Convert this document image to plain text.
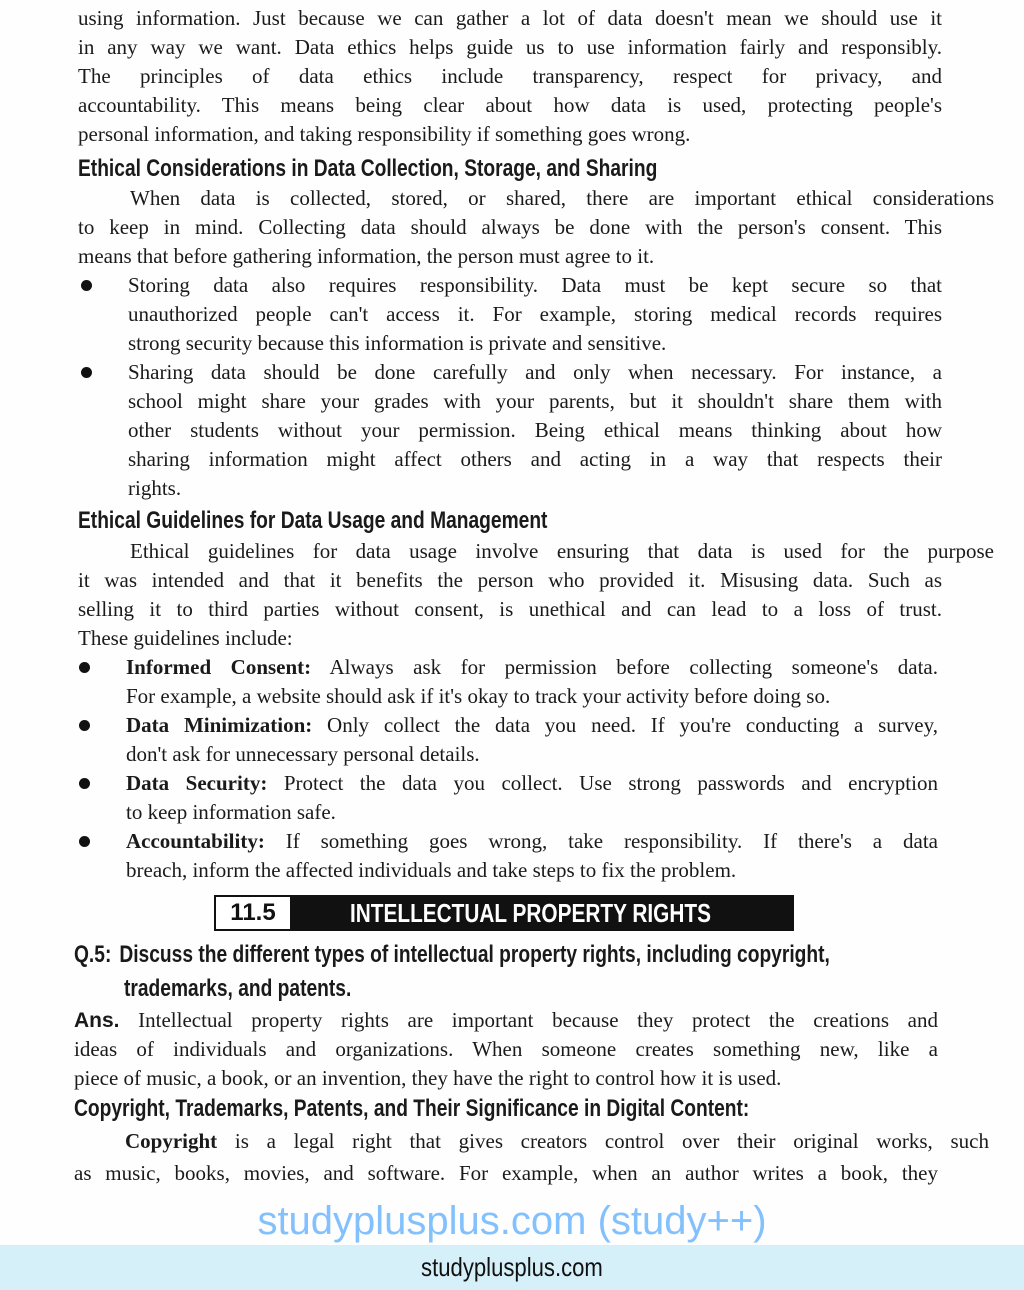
using information. Just because we can gather a lot of data doesn't mean we should use it
in any way we want. Data ethics helps guide us to use information fairly and responsibly.
The principles of data ethics include transparency, respect for privacy, and
accountability. This means being clear about how data is used, protecting people's
personal information, and taking responsibility if something goes wrong.
Ethical Considerations in Data Collection, Storage, and Sharing
When data is collected, stored, or shared, there are important ethical considerations
to keep in mind. Collecting data should always be done with the person's consent. This
means that before gathering information, the person must agree to it.
Storing data also requires responsibility. Data must be kept secure so that
unauthorized people can't access it. For example, storing medical records requires
strong security because this information is private and sensitive.
Sharing data should be done carefully and only when necessary. For instance, a
school might share your grades with your parents, but it shouldn't share them with
other students without your permission. Being ethical means thinking about how
sharing information might affect others and acting in a way that respects their
rights.
Ethical Guidelines for Data Usage and Management
Ethical guidelines for data usage involve ensuring that data is used for the purpose
it was intended and that it benefits the person who provided it. Misusing data. Such as
selling it to third parties without consent, is unethical and can lead to a loss of trust.
These guidelines include:
Informed Consent: Always ask for permission before collecting someone's data.
For example, a website should ask if it's okay to track your activity before doing so.
Data Minimization: Only collect the data you need. If you're conducting a survey,
don't ask for unnecessary personal details.
Data Security: Protect the data you collect. Use strong passwords and encryption
to keep information safe.
Accountability: If something goes wrong, take responsibility. If there's a data
breach, inform the affected individuals and take steps to fix the problem.
11.5	INTELLECTUAL PROPERTY RIGHTS
Q.5: Discuss the different types of intellectual property rights, including copyright,
trademarks, and patents.
Ans. Intellectual property rights are important because they protect the creations and
ideas of individuals and organizations. When someone creates something new, like a
piece of music, a book, or an invention, they have the right to control how it is used.
Copyright, Trademarks, Patents, and Their Significance in Digital Content:
Copyright is a legal right that gives creators control over their original works, such
as music, books, movies, and software. For example, when an author writes a book, they
studyplusplus.com (study++)
studyplusplus.com
